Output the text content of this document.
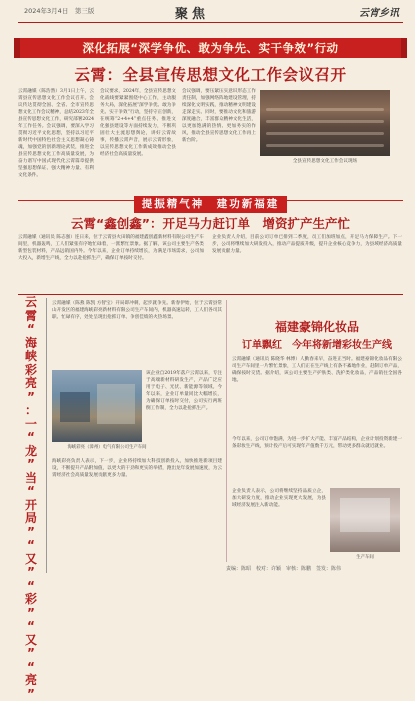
2024年3月4日　第三版	聚焦	云宵乡讯
深化拓展“深学争优、敢为争先、实干争效”行动
云霄：全县宣传思想文化工作会议召开
云霄融媒（陈浩然）3月1日上午，云霄县宣传思想文化工作会议召开。会议传达贯彻全国、全省、全市宣传思想文化工作会议精神，总结2023年全县宣传思想文化工作，研究部署2024年工作任务。会议强调，要深入学习贯彻习近平文化思想，坚持以习近平新时代中国特色社会主义思想凝心铸魂，加强党的创新理论武装，推进全县宣传思想文化工作高质量发展，为奋力谱写中国式现代化云霄篇章提供坚强思想保证、强大精神力量、有利文化条件。
会议要求，2024年，全县宣传思想文化战线要紧紧围绕中心工作，主动服务大局，深化拓展“深学争优、敢为争先、实干争效”行动，坚持守正创新，在统筹“2+4+4”重点任务、推进文化强县建设等方面持续发力，不断巩固壮大主流思想舆论，讲好云霄故事，传播云霄声音，展示云霄形象，以宣传思想文化工作新成效推动全县经济社会高质量发展。
会议强调，要压紧压实意识形态工作责任制，加强网络阵地建设管理，持续深化文明实践，推动精神文明建设走深走实。同时，要推动文化和旅游深度融合，丰富群众精神文化生活，以更加饱满的热情、更加务实的作风，推动全县宣传思想文化工作再上新台阶。
全县宣传思想文化工作会议现场
提振精气神　建功新福建
云霄“鑫创鑫”：开足马力赶订单　增资扩产生产忙
云霄融媒（通讯员 陈志强）连日来，位于云霄县火田镇的福建鑫创鑫新材料有限公司生产车间里，机器轰鸣，工人们紧张有序地忙碌着，一派繁忙景象。据了解，该公司主要生产各类新型包装材料，产品远销国内外。今年以来，企业订单持续增长，为满足市场需求，公司加大投入，新增生产线，全力以赴抢抓生产，确保订单按时交付。
企业负责人介绍，目前公司订单已排到二季度，员工们加班加点，开足马力保障生产。下一步，公司将继续加大研发投入，推动产品提质升级，提升企业核心竞争力，为县域经济高质量发展贡献力量。
云
霄
“
海
峡
彩
亮
”
：
一
“
龙
”
当
“
开
局
”
“
又
”
“
彩
”
“
又
”
“
亮
”
云霄融媒（陈燕 陈凯 方智宝）开局即冲刺，起步就争先。新春伊始，位于云霄县常山开发区的福建海峡彩亮新材料有限公司生产车间内，机器高速运转，工人们各司其职、忙碌有序，处处呈现出抢抓订单、争创佳绩的火热场景。
该企业自2019年落户云霄以来，专注于高端新材料研发生产，产品广泛应用于电子、光伏、新能源等领域。今年以来，企业订单量同比大幅增长，为确保订单按时交付，公司实行两班倒工作制，全力以赴抢抓生产。
海峡彩亮（漳州）电气有限公司生产车间
海峡彩亮负责人表示，下一步，企业将持续加大科技创新投入，加快推进新项目建设，不断提升产品附加值，以更大的干劲和更实的举措，跑出龙年发展加速度，为云霄经济社会高质量发展贡献更多力量。
福建豪锦化妆品
订单飘红　今年将新增彩妆生产线
云霄融媒（通讯员 陈晓华 林博）人勤春来早，奋进正当时。福建豪锦化妆品有限公司生产车间里一片繁忙景象，工人们正在生产线上有条不紊地作业，赶制订单产品，确保按时交货。据介绍，该公司主要生产护肤类、洗护类化妆品，产品销往全国各地。
今年以来，公司订单饱满，为进一步扩大产能、丰富产品结构，企业计划投资新建一条彩妆生产线，预计投产后可实现年产值数千万元，带动更多群众就近就业。
企业负责人表示，公司将继续坚持品质立企，加大研发力度，推动企业实现更大发展，为县域经济发展注入新动能。
生产车间
责编：陈昭　校对：许颖　审核：陈鹏　签发：陈伟
